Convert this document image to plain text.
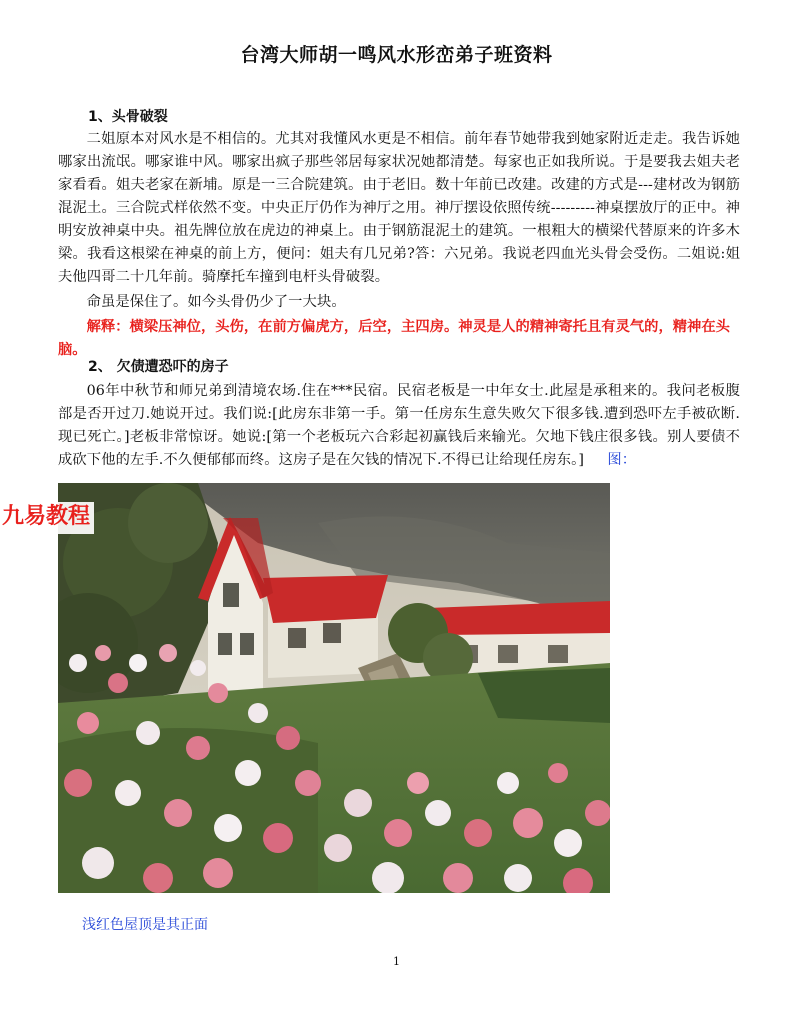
台湾大师胡一鸣风水形峦弟子班资料

1、头骨破裂

二姐原本对风水是不相信的。尤其对我懂风水更是不相信。前年春节她带我到她家附近走走。我告诉她哪家出流氓。哪家谁中风。哪家出疯子那些邻居每家状况她都清楚。每家也正如我所说。于是要我去姐夫老家看看。姐夫老家在新埔。原是一三合院建筑。由于老旧。数十年前已改建。改建的方式是---建材改为钢筋混泥土。三合院式样依然不变。中央正厅仍作为神厅之用。神厅摆设依照传统---------神桌摆放厅的正中。神明安放神桌中央。祖先牌位放在虎边的神桌上。由于钢筋混泥土的建筑。一根粗大的横梁代替原来的许多木梁。我看这根梁在神桌的前上方，便问：姐夫有几兄弟?答：六兄弟。我说老四血光头骨会受伤。二姐说:姐夫他四哥二十几年前。骑摩托车撞到电杆头骨破裂。

命虽是保住了。如今头骨仍少了一大块。

解释：横梁压神位，头伤，在前方偏虎方，后空，主四房。神灵是人的精神寄托且有灵气的，精神在头脑。

2、 欠债遭恐吓的房子

06年中秋节和师兄弟到清境农场.住在***民宿。民宿老板是一中年女士.此屋是承租来的。我问老板腹部是否开过刀.她说开过。我们说:[此房东非第一手。第一任房东生意失败欠下很多钱.遭到恐吓左手被砍断.现已死亡。]老板非常惊讶。她说:[第一个老板玩六合彩起初赢钱后来输光。欠地下钱庄很多钱。别人要债不成砍下他的左手.不久便郁郁而终。这房子是在欠钱的情况下.不得已让给现任房东。] 图：

九易教程
浅红色屋顶是其正面
1
